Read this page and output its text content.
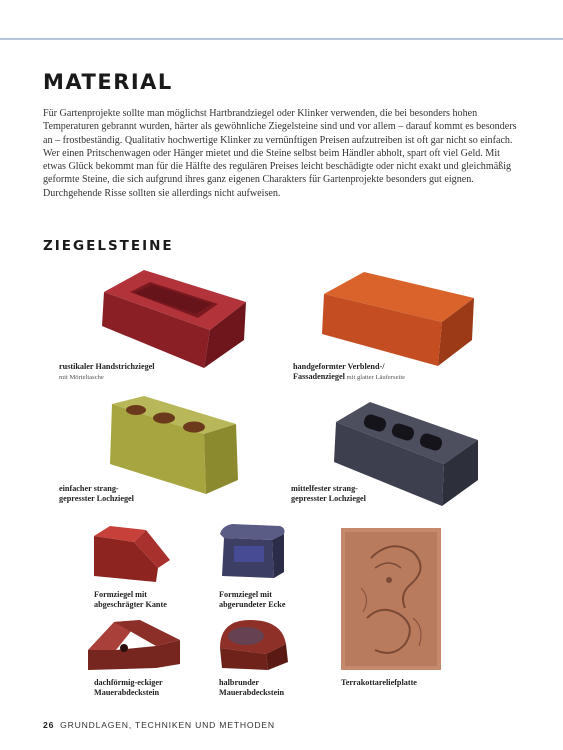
MATERIAL

Für Gartenprojekte sollte man möglichst Hartbrandziegel oder Klinker verwenden, die bei besonders hohen Temperaturen gebrannt wurden, härter als gewöhnliche Ziegelsteine sind und vor allem – darauf kommt es besonders an – frostbeständig. Qualitativ hochwertige Klinker zu vernünftigen Preisen aufzutreiben ist oft gar nicht so einfach. Wer einen Pritschenwagen oder Hänger mietet und die Steine selbst beim Händler abholt, spart oft viel Geld. Mit etwas Glück bekommt man für die Hälfte des regulären Preises leicht beschädigte oder nicht exakt und gleichmäßig geformte Steine, die sich aufgrund ihres ganz eigenen Charakters für Gartenprojekte besonders gut eignen. Durchgehende Risse sollten sie allerdings nicht aufweisen.

ZIEGELSTEINE
rustikaler Handstrichziegel
mit Mörteltasche
handgeformter Verblend-/
Fassadenziegel mit glatter Läuferseite
einfacher strang-
gepresster Lochziegel
mittelfester strang-
gepresster Lochziegel
Formziegel mit
abgeschrägter Kante
Formziegel mit
abgerundeter Ecke
dachförmig-eckiger
Mauerabdeckstein
halbrunder
Mauerabdeckstein
Terrakottareliefplatte
26 GRUNDLAGEN, TECHNIKEN UND METHODEN
